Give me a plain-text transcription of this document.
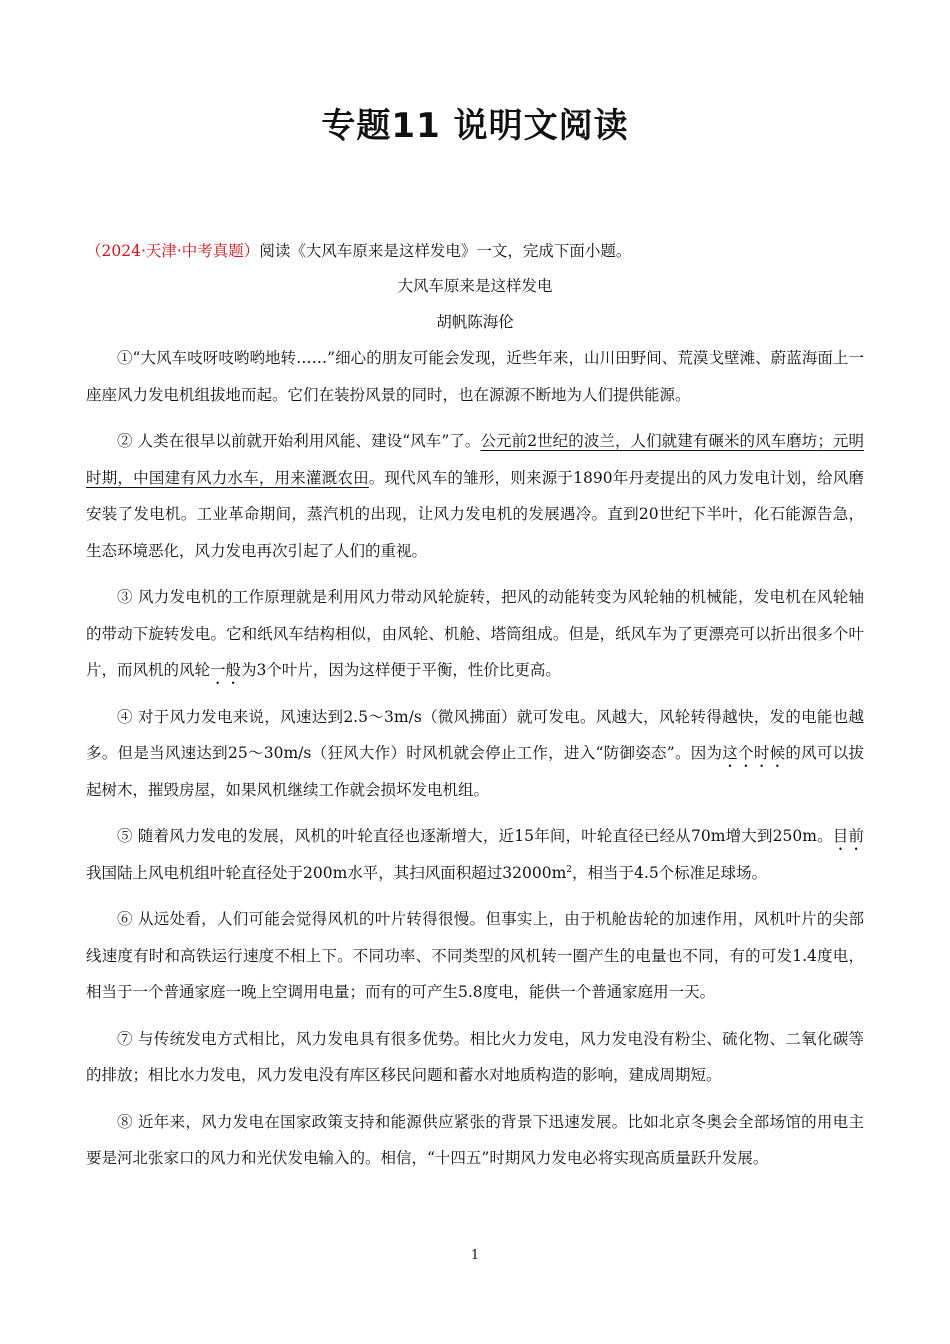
专题11 说明文阅读
（2024·天津·中考真题）阅读《大风车原来是这样发电》一文，完成下面小题。
大风车原来是这样发电
胡帆陈海伦

①“大风车吱呀吱哟哟地转……”细心的朋友可能会发现，近些年来，山川田野间、荒漠戈壁滩、蔚蓝海面上一座座风力发电机组拔地而起。它们在装扮风景的同时，也在源源不断地为人们提供能源。

② 人类在很早以前就开始利用风能、建设“风车”了。公元前2世纪的波兰，人们就建有碾米的风车磨坊；元明时期，中国建有风力水车，用来灌溉农田。现代风车的雏形，则来源于1890年丹麦提出的风力发电计划，给风磨安装了发电机。工业革命期间，蒸汽机的出现，让风力发电机的发展遇冷。直到20世纪下半叶，化石能源告急，生态环境恶化，风力发电再次引起了人们的重视。

③ 风力发电机的工作原理就是利用风力带动风轮旋转，把风的动能转变为风轮轴的机械能，发电机在风轮轴的带动下旋转发电。它和纸风车结构相似，由风轮、机舱、塔筒组成。但是，纸风车为了更漂亮可以折出很多个叶片，而风机的风轮一般为3个叶片，因为这样便于平衡，性价比更高。

④ 对于风力发电来说，风速达到2.5～3m/s（微风拂面）就可发电。风越大，风轮转得越快，发的电能也越多。但是当风速达到25～30m/s（狂风大作）时风机就会停止工作，进入“防御姿态”。因为这个时候的风可以拔起树木，摧毁房屋，如果风机继续工作就会损坏发电机组。

⑤ 随着风力发电的发展，风机的叶轮直径也逐渐增大，近15年间，叶轮直径已经从70m增大到250m。目前我国陆上风电机组叶轮直径处于200m水平，其扫风面积超过$32000m^2$，相当于4.5个标准足球场。

⑥ 从远处看，人们可能会觉得风机的叶片转得很慢。但事实上，由于机舱齿轮的加速作用，风机叶片的尖部线速度有时和高铁运行速度不相上下。不同功率、不同类型的风机转一圈产生的电量也不同，有的可发1.4度电，相当于一个普通家庭一晚上空调用电量；而有的可产生5.8度电，能供一个普通家庭用一天。

⑦ 与传统发电方式相比，风力发电具有很多优势。相比火力发电，风力发电没有粉尘、硫化物、二氧化碳等的排放；相比水力发电，风力发电没有库区移民问题和蓄水对地质构造的影响，建成周期短。

⑧ 近年来，风力发电在国家政策支持和能源供应紧张的背景下迅速发展。比如北京冬奥会全部场馆的用电主要是河北张家口的风力和光伏发电输入的。相信，“十四五”时期风力发电必将实现高质量跃升发展。

1
